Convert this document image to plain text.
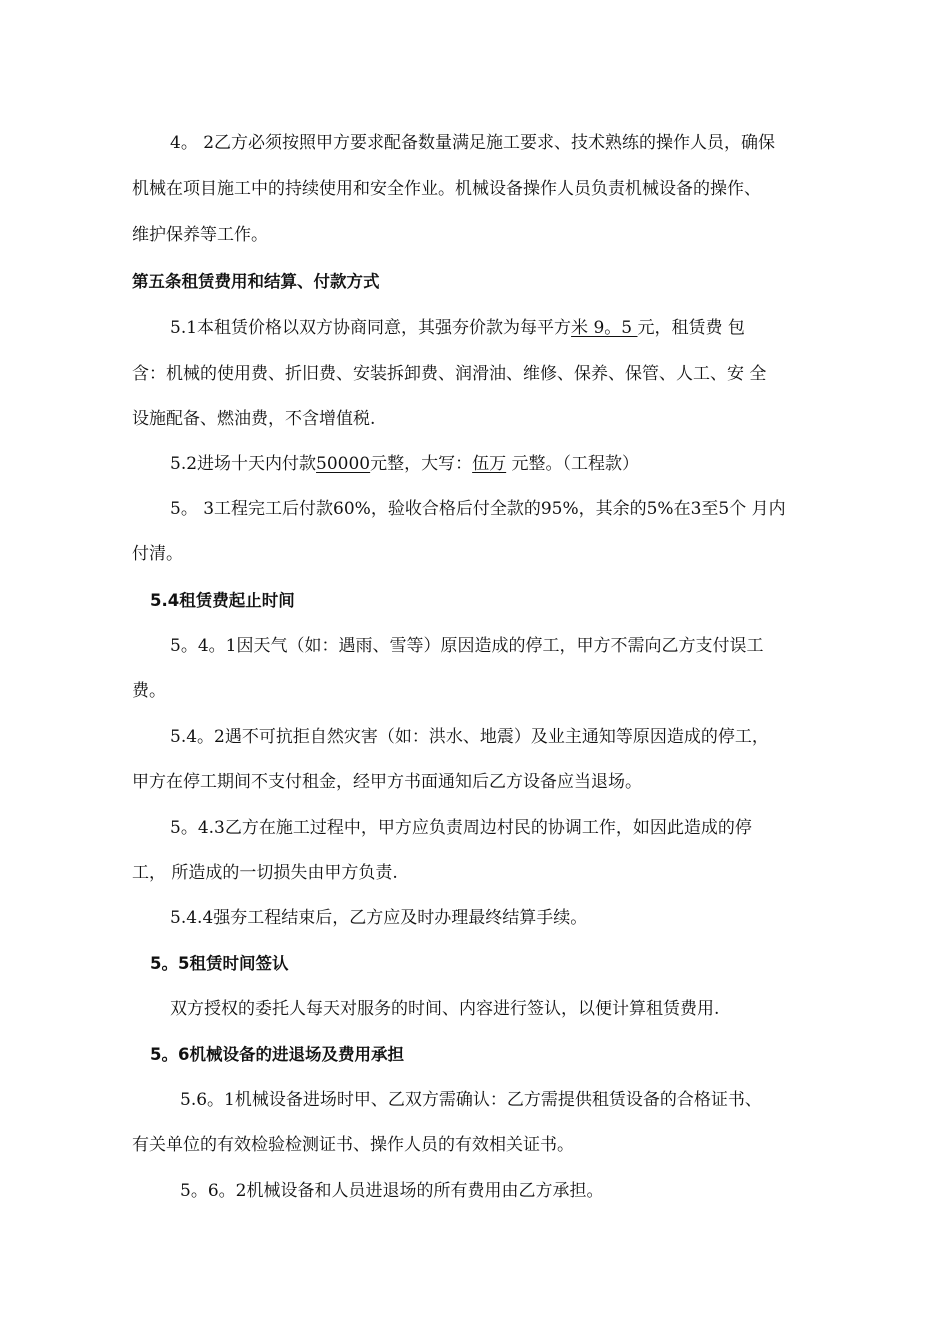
4。 2乙方必须按照甲方要求配备数量满足施工要求、技术熟练的操作人员，确保
机械在项目施工中的持续使用和安全作业。机械设备操作人员负责机械设备的操作、
维护保养等工作。
第五条租赁费用和结算、付款方式
5.1本租赁价格以双方协商同意，其强夯价款为每平方米 9。5 元，租赁费 包
含：机械的使用费、折旧费、安装拆卸费、润滑油、维修、保养、保管、人工、安 全
设施配备、燃油费，不含增值税.
5.2进场十天内付款50000元整，大写：伍万 元整。（工程款）
5。 3工程完工后付款60%，验收合格后付全款的95%，其余的5%在3至5个 月内
付清。
5.4租赁费起止时间
5。4。1因天气（如：遇雨、雪等）原因造成的停工，甲方不需向乙方支付误工
费。
5.4。2遇不可抗拒自然灾害（如：洪水、地震）及业主通知等原因造成的停工，
甲方在停工期间不支付租金，经甲方书面通知后乙方设备应当退场。
5。4.3乙方在施工过程中，甲方应负责周边村民的协调工作，如因此造成的停
工， 所造成的一切损失由甲方负责.
5.4.4强夯工程结束后，乙方应及时办理最终结算手续。
5。5租赁时间签认
双方授权的委托人每天对服务的时间、内容进行签认，以便计算租赁费用.
5。6机械设备的进退场及费用承担
5.6。1机械设备进场时甲、乙双方需确认：乙方需提供租赁设备的合格证书、
有关单位的有效检验检测证书、操作人员的有效相关证书。
5。6。2机械设备和人员进退场的所有费用由乙方承担。
